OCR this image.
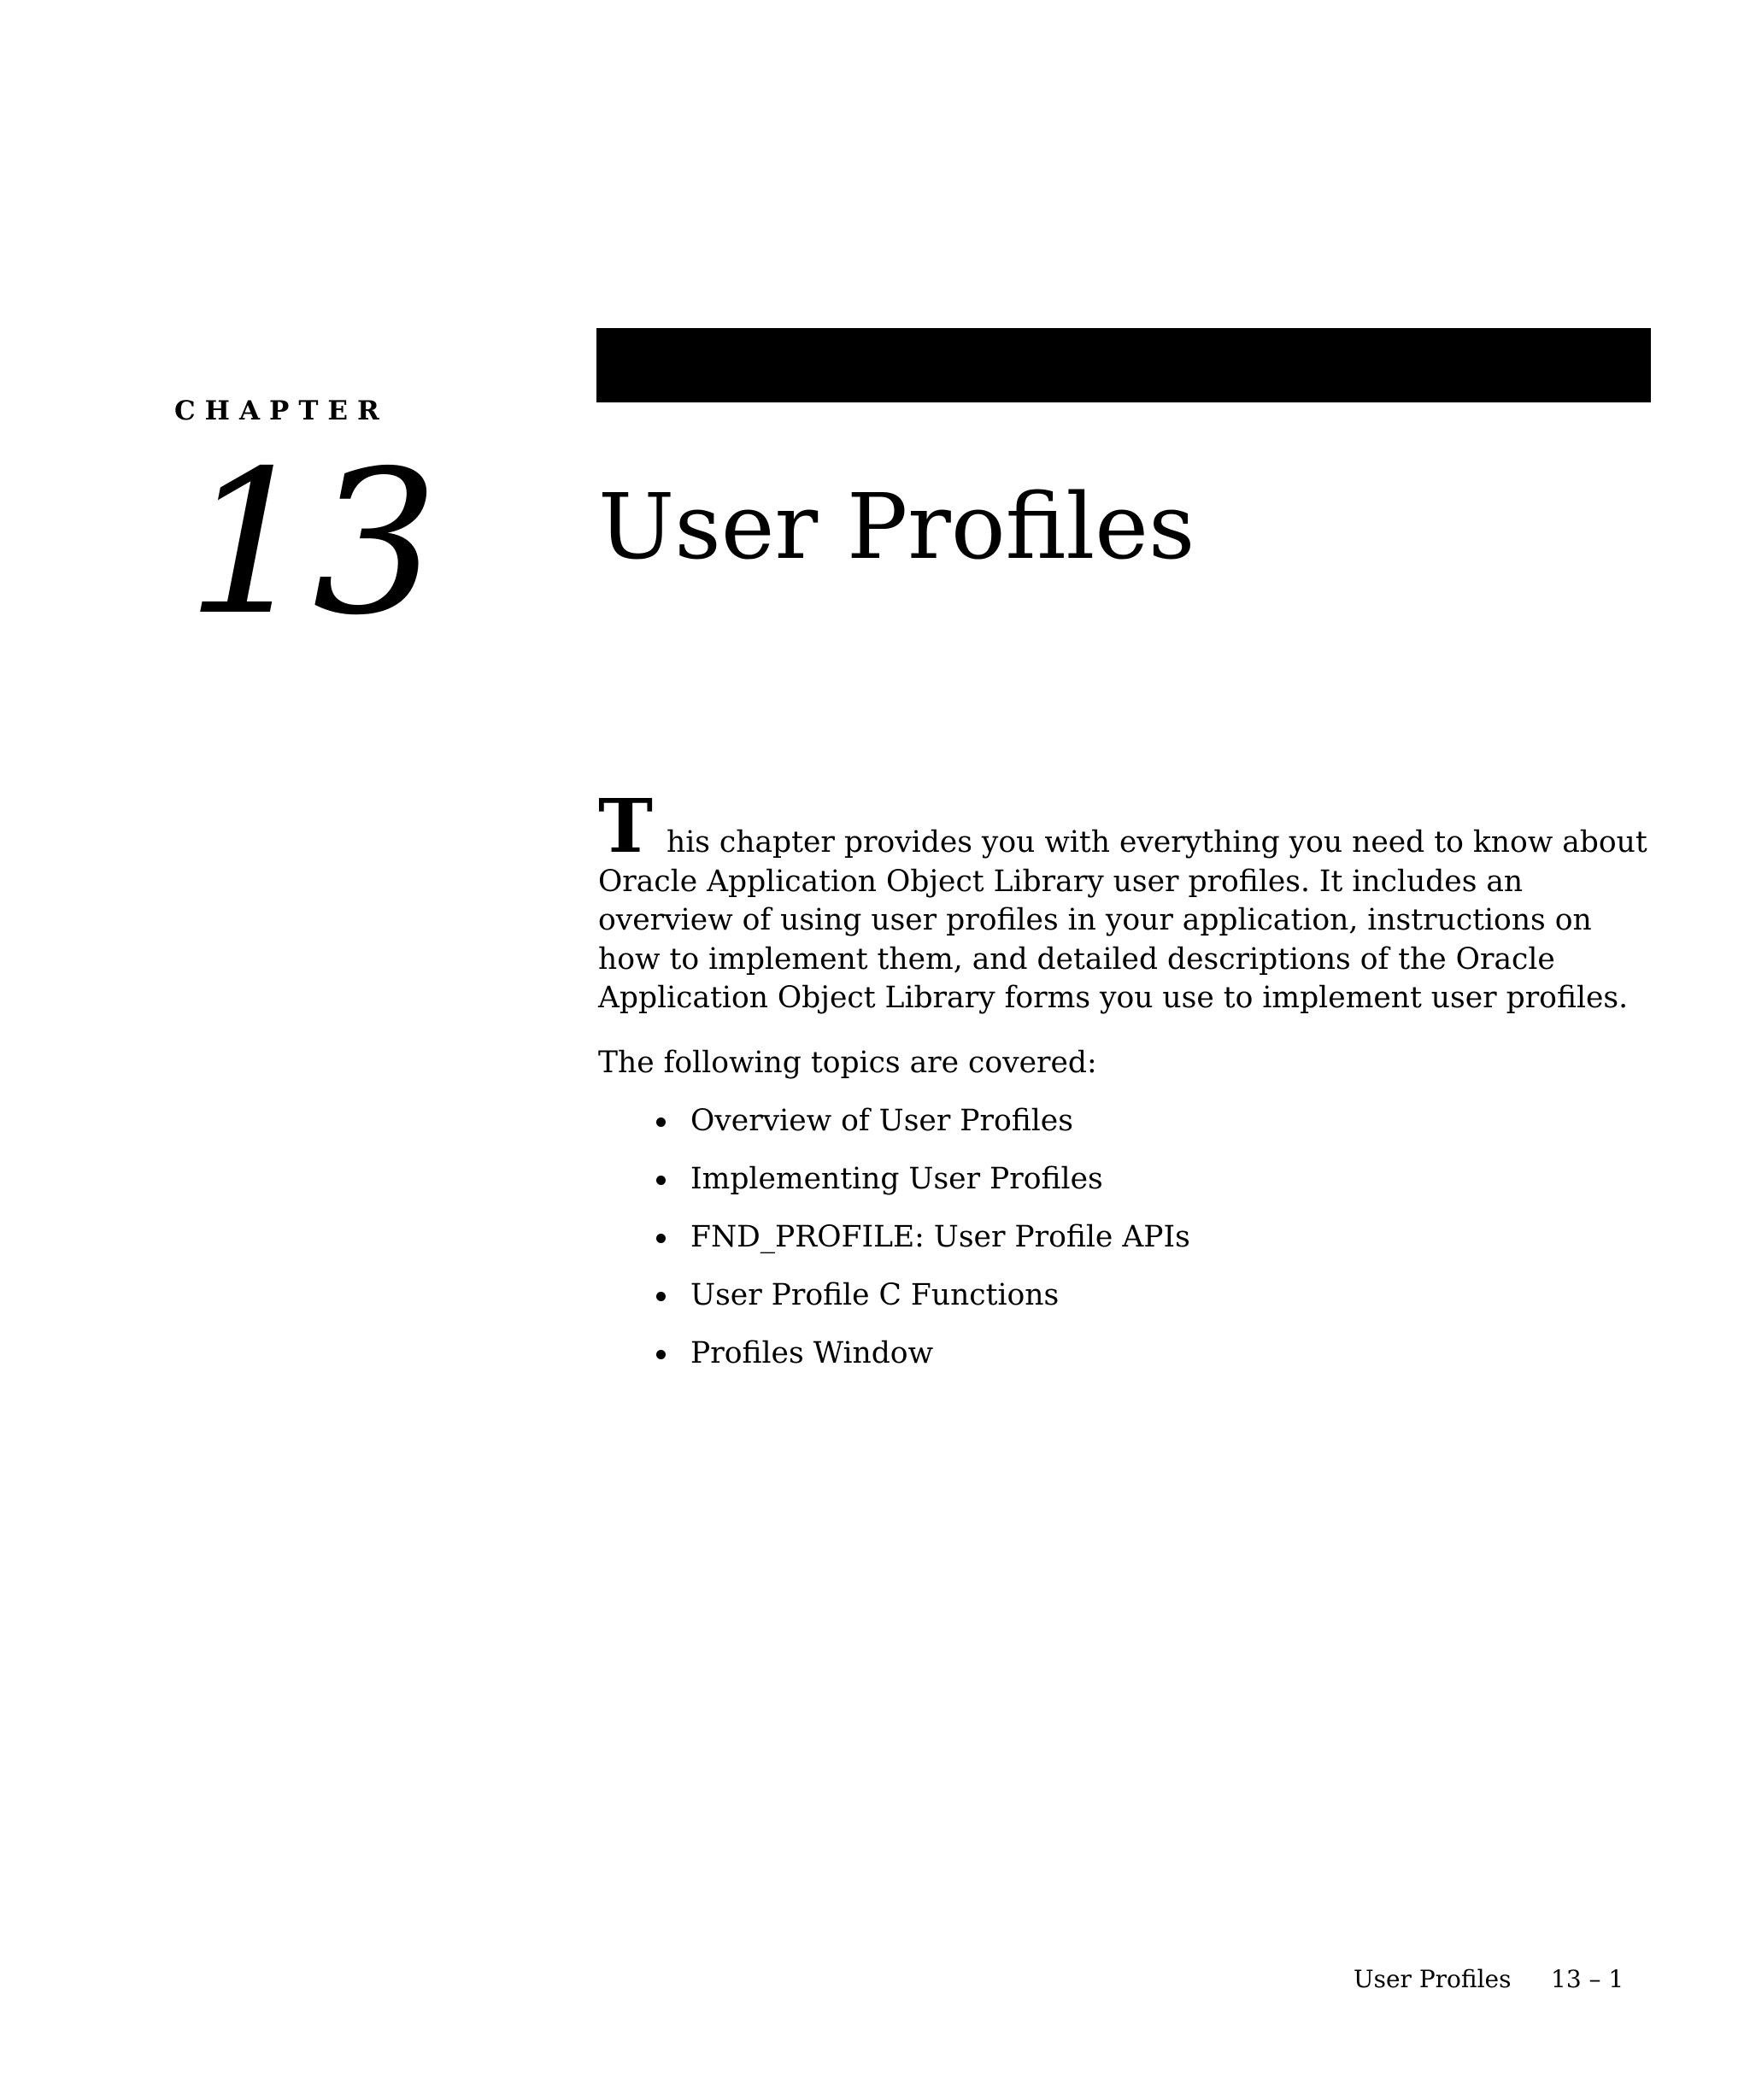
CHAPTER
13 User Profiles

This chapter provides you with everything you need to know about Oracle Application Object Library user profiles. It includes an overview of using user profiles in your application, instructions on how to implement them, and detailed descriptions of the Oracle Application Object Library forms you use to implement user profiles.

The following topics are covered:

Overview of User Profiles
Implementing User Profiles
FND_PROFILE: User Profile APIs
User Profile C Functions
Profiles Window
User Profiles 13 – 1
